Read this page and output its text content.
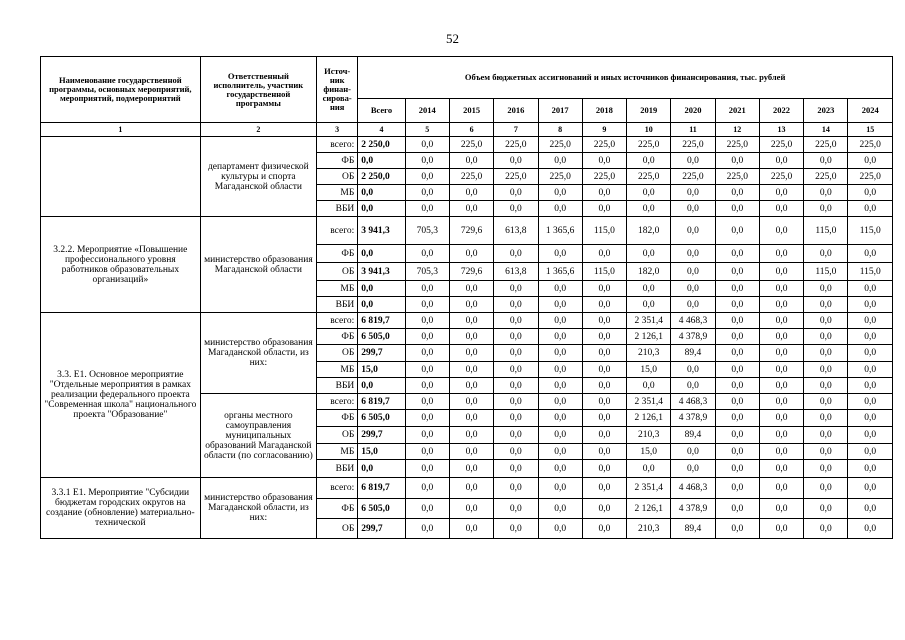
52
Наименование государственной программы, основных мероприятий, мероприятий, подмероприятий	Ответственный исполнитель, участник государственной программы	Источ-ник финан-сирова-ния	Объем бюджетных ассигнований и иных источников финансирования, тыс. рублей											
			Всего	2014	2015	2016	2017	2018	2019	2020	2021	2022	2023	2024
1	2	3	4	5	6	7	8	9	10	11	12	13	14	15
	департамент физической культуры и спорта Магаданской области	всего:	2 250,0	0,0	225,0	225,0	225,0	225,0	225,0	225,0	225,0	225,0	225,0	225,0
		ФБ	0,0	0,0	0,0	0,0	0,0	0,0	0,0	0,0	0,0	0,0	0,0	0,0
		ОБ	2 250,0	0,0	225,0	225,0	225,0	225,0	225,0	225,0	225,0	225,0	225,0	225,0
		МБ	0,0	0,0	0,0	0,0	0,0	0,0	0,0	0,0	0,0	0,0	0,0	0,0
		ВБИ	0,0	0,0	0,0	0,0	0,0	0,0	0,0	0,0	0,0	0,0	0,0	0,0
3.2.2. Мероприятие «Повышение профессионального уровня работников образовательных организаций»	министерство образования Магаданской области	всего:	3 941,3	705,3	729,6	613,8	1 365,6	115,0	182,0	0,0	0,0	0,0	115,0	115,0
		ФБ	0,0	0,0	0,0	0,0	0,0	0,0	0,0	0,0	0,0	0,0	0,0	0,0
		ОБ	3 941,3	705,3	729,6	613,8	1 365,6	115,0	182,0	0,0	0,0	0,0	115,0	115,0
		МБ	0,0	0,0	0,0	0,0	0,0	0,0	0,0	0,0	0,0	0,0	0,0	0,0
		ВБИ	0,0	0,0	0,0	0,0	0,0	0,0	0,0	0,0	0,0	0,0	0,0	0,0
3.3. Е1. Основное мероприятие "Отдельные мероприятия в рамках реализации федерального проекта "Современная школа" национального проекта "Образование"	министерство образования Магаданской области, из них:	всего:	6 819,7	0,0	0,0	0,0	0,0	0,0	2 351,4	4 468,3	0,0	0,0	0,0	0,0
		ФБ	6 505,0	0,0	0,0	0,0	0,0	0,0	2 126,1	4 378,9	0,0	0,0	0,0	0,0
		ОБ	299,7	0,0	0,0	0,0	0,0	0,0	210,3	89,4	0,0	0,0	0,0	0,0
		МБ	15,0	0,0	0,0	0,0	0,0	0,0	15,0	0,0	0,0	0,0	0,0	0,0
		ВБИ	0,0	0,0	0,0	0,0	0,0	0,0	0,0	0,0	0,0	0,0	0,0	0,0
	органы местного самоуправления муниципальных образований Магаданской области (по согласованию)	всего:	6 819,7	0,0	0,0	0,0	0,0	0,0	2 351,4	4 468,3	0,0	0,0	0,0	0,0
		ФБ	6 505,0	0,0	0,0	0,0	0,0	0,0	2 126,1	4 378,9	0,0	0,0	0,0	0,0
		ОБ	299,7	0,0	0,0	0,0	0,0	0,0	210,3	89,4	0,0	0,0	0,0	0,0
		МБ	15,0	0,0	0,0	0,0	0,0	0,0	15,0	0,0	0,0	0,0	0,0	0,0
		ВБИ	0,0	0,0	0,0	0,0	0,0	0,0	0,0	0,0	0,0	0,0	0,0	0,0
3.3.1 Е1. Мероприятие "Субсидии бюджетам городских округов на создание (обновление) материально-технической	министерство образования Магаданской области, из них:	всего:	6 819,7	0,0	0,0	0,0	0,0	0,0	2 351,4	4 468,3	0,0	0,0	0,0	0,0
		ФБ	6 505,0	0,0	0,0	0,0	0,0	0,0	2 126,1	4 378,9	0,0	0,0	0,0	0,0
		ОБ	299,7	0,0	0,0	0,0	0,0	0,0	210,3	89,4	0,0	0,0	0,0	0,0
